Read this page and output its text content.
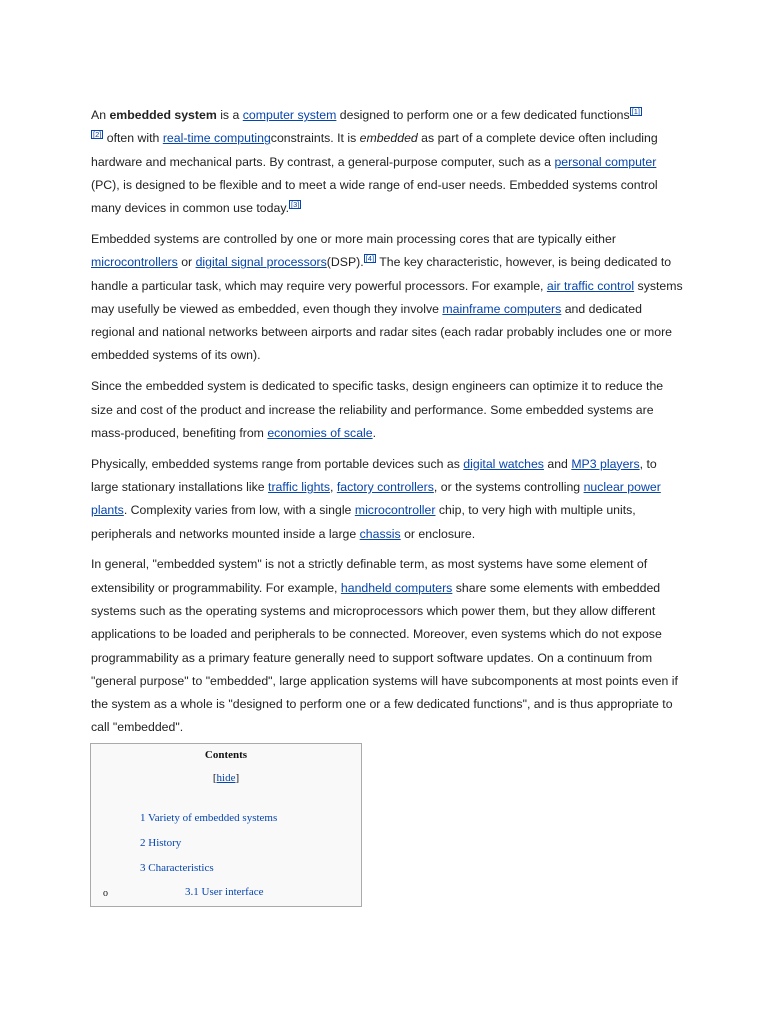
An embedded system is a computer system designed to perform one or a few dedicated functions [1]
[2] often with real-time computingconstraints. It is embedded as part of a complete device often including hardware and mechanical parts. By contrast, a general-purpose computer, such as a personal computer (PC), is designed to be flexible and to meet a wide range of end-user needs. Embedded systems control many devices in common use today. [3]

Embedded systems are controlled by one or more main processing cores that are typically either microcontrollers or digital signal processors(DSP). [4] The key characteristic, however, is being dedicated to handle a particular task, which may require very powerful processors. For example, air traffic control systems may usefully be viewed as embedded, even though they involve mainframe computers and dedicated regional and national networks between airports and radar sites (each radar probably includes one or more embedded systems of its own).

Since the embedded system is dedicated to specific tasks, design engineers can optimize it to reduce the size and cost of the product and increase the reliability and performance. Some embedded systems are mass-produced, benefiting from economies of scale.

Physically, embedded systems range from portable devices such as digital watches and MP3 players, to large stationary installations like traffic lights, factory controllers, or the systems controlling nuclear power plants. Complexity varies from low, with a single microcontroller chip, to very high with multiple units, peripherals and networks mounted inside a large chassis or enclosure.

In general, "embedded system" is not a strictly definable term, as most systems have some element of extensibility or programmability. For example, handheld computers share some elements with embedded systems such as the operating systems and microprocessors which power them, but they allow different applications to be loaded and peripherals to be connected. Moreover, even systems which do not expose programmability as a primary feature generally need to support software updates. On a continuum from "general purpose" to "embedded", large application systems will have subcomponents at most points even if the system as a whole is "designed to perform one or a few dedicated functions", and is thus appropriate to call "embedded".

Contents
[hide]
1 Variety of embedded systems
2 History
3 Characteristics
o	3.1 User interface
